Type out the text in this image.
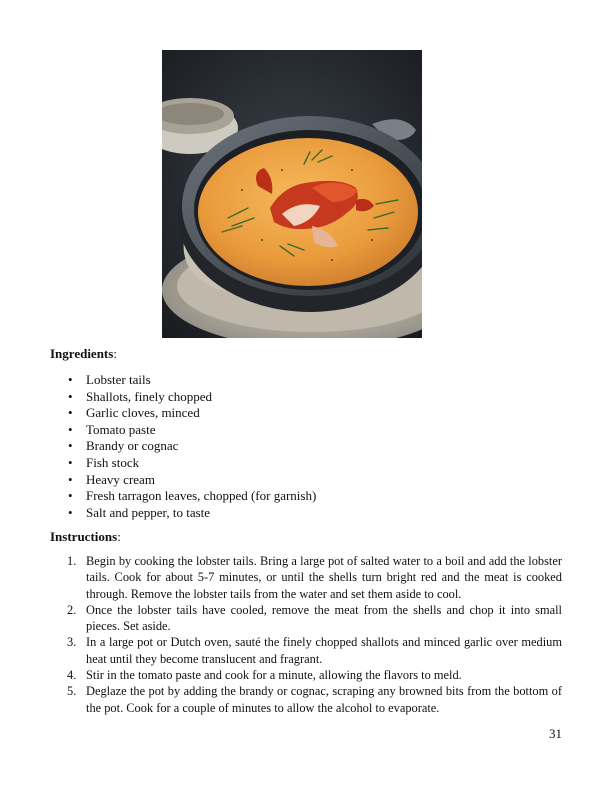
Ingredients:

• Lobster tails
• Shallots, finely chopped
• Garlic cloves, minced
• Tomato paste
• Brandy or cognac
• Fish stock
• Heavy cream
• Fresh tarragon leaves, chopped (for garnish)
• Salt and pepper, to taste

Instructions:

1. Begin by cooking the lobster tails. Bring a large pot of salted water to a boil and add the lobster tails. Cook for about 5-7 minutes, or until the shells turn bright red and the meat is cooked through. Remove the lobster tails from the water and set them aside to cool.
2. Once the lobster tails have cooled, remove the meat from the shells and chop it into small pieces. Set aside.
3. In a large pot or Dutch oven, sauté the finely chopped shallots and minced garlic over medium heat until they become translucent and fragrant.
4. Stir in the tomato paste and cook for a minute, allowing the flavors to meld.
5. Deglaze the pot by adding the brandy or cognac, scraping any browned bits from the bottom of the pot. Cook for a couple of minutes to allow the alcohol to evaporate.
31
